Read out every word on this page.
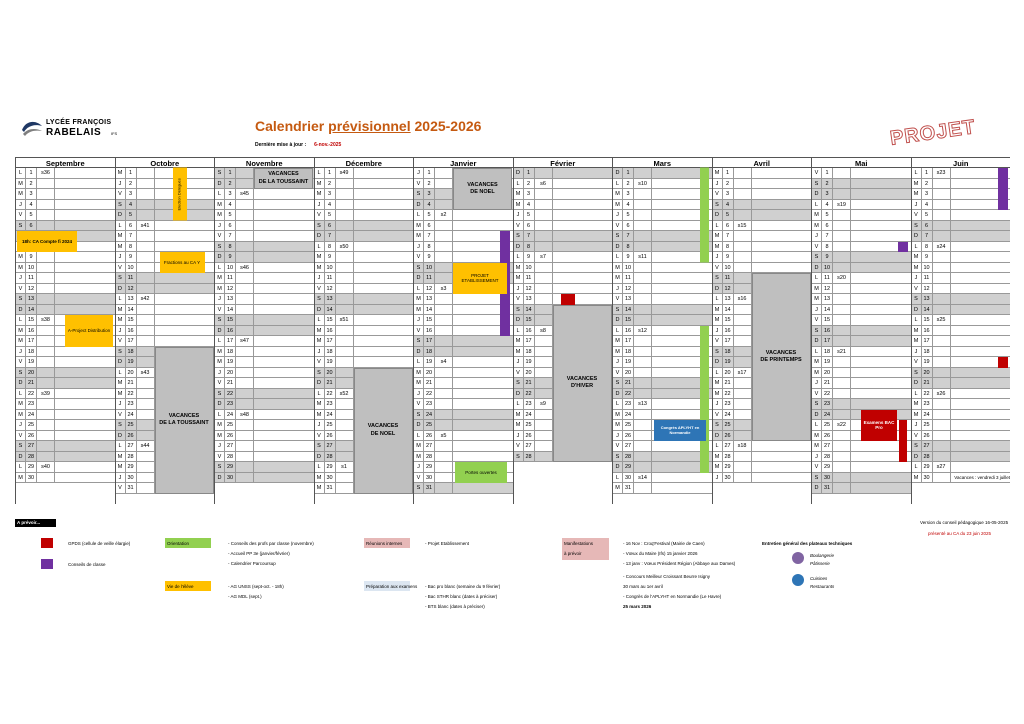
LYCÉE FRANÇOIS
RABELAIS IFS	Calendrier prévisionnel 2025-2026
Dernière mise à jour : 6-nov.-2025	PROJET
Septembre
L	1	s36
M	2
M	3
J	4
V	5
S	6
M	9
M 10
J	11
V	12
S	13
D 14
L	15	s38
M 16
M 17
J	18
V	19
S	20
D 21
L	22	s39
M 23
M 24
J	25
V	26
S	27
D 28
L	29	s40
M 30
Octobre
M	1
J	2
V	3
S	4
D	5
L	6	s41
M	7
M	8
J	9
V	10
S	11
D 12
L	13	s42
M 14
M 15
J	16
V	17
S	18
D 19
L	20	s43
M 21
M 22
J	23
V	24
S	25
D 26
L	27	s44
M 28
M 29
J	30
V	31
Novembre
S	1
D	2
L	3	s45
M	4
M	5
J	6
V	7
S	8
D	9
L	10	s46
M 11
M 12
J	13
V	14
S	15
D 16
L	17	s47
M 18
M 19
J	20
V	21
S	22
D 23
L	24	s48
M 25
M 26
J	27
V	28
S	29
D 30
Décembre
L	1	s49
M	2
M	3
J	4
V	5
S	6
D	7
L	8	s50
M	9
M 10
J	11
V	12
S	13
D 14
L	15	s51
M 16
M 17
J	18
V	19
S	20
D 21
L	22	s52
M 23
M 24
J	25
V	26
S	27
D 28
L	29	s1
M 30
M 31
Janvier
J	1
V	2
S	3
D	4
L	5	s2
M	6
M	7
J	8
V	9
S	10
D	11
L	12	s3
M 13
M 14
J	15
V	16
S	17
D 18
L	19	s4
M 20
M 21
J	22
V	23
S	24
D 25
L	26	s5
M 27
M 28
J	29
V	30
S	31
Février
D	1
L	2	s6
M	3
M	4
J	5
V	6
S	7
D	8
L	9	s7
M 10
M 11
J	12
V	13
S	14
D 15
L	16	s8
M 17
M 18
J	19
V	20
S	21
D 22
L	23	s9
M 24
M 25
J	26
V	27
S	28
Mars
D	1
L	2	s10
M	3
M	4
J	5
V	6
S	7
D	8
L	9	s11
M 10
M 11
J	12
V	13
S	14
D 15
L	16	s12
M 17
M 18
J	19
V	20
S	21
D 22
L	23	s13
M 24
M 25
J	26
V	27
S	28
D 29
L	30	s14
M 31
Avril
M	1
J	2
V	3
S	4
D	5
L	6	s15
M	7
M	8
J	9
V	10
S	11
D 12
L	13	s16
M 14
M 15
J	16
V	17
S	18
D 19
L	20	s17
M 21
M 22
J	23
V	24
S	25
D 26
L	27	s18
M 28
M 29
J	30
Mai
V	1
S	2
D	3
L	4	s19
M	5
M	6
J	7
V	8
S	9
D 10
L	11	s20
M 12
M 13
J	14
V	15
S	16
D 17
L	18	s21
M 19
M 20
J	21
V	22
S	23
D 24
L	25	s22
M 26
M 27
J	28
V	29
S	30
D 31
Juin
L	1	s23
M	2
M	3
J	4
V	5
S	6
D	7
L	8	s24
M	9
M 10
J	11
V	12
S	13
D 14
L	15	s25
M 16
M 17
J	18
V	19
S	20
D 21
L	22	s26
M 23
M 24
J	25
V	26
S	27
D 28
L	29	s27
M 30
VACANCES
DE LA TOUSSAINT
VACANCES
DE LA TOUSSAINT
VACANCES
DE NOEL
VACANCES
DE NOEL
VACANCES
D'HIVER
VACANCES
DE PRINTEMPS
Election Délégués
18h: CA Compte fi 2024
Fractions au CA Y
PROJET ETABLISSEMENT
A-Project Distribution
Congrès APLYHT en Normandie
Examens BAC Pro
Portes ouvertes
Vacances : vendredi 3 juillet
A prévoir...
GPDS (cellule de veille élargie)
Conseils de classe
Orientation	- Conseils des profs par classe (novembre)
- Accueil PP 3e (janvier/février)
- Calendrier Parcoursup
Vie de l'élève	- AG UNSS (sept-oct. - 18h)
- AG MDL (sept.)
Réunions internes	- Projet Etablissement
Préparation aux examens - Bac pro blanc (semaine du 9 février)
- Bac STHR blanc (dates à préciser)
- BTS blanc (dates à préciser)
Manifestations
à prévoir
- 16 Nov : Croq'Festival (Mairie de Caen)
- Vœux du Maire (Ifs) 15 janvier 2026
- 13 janv : Vœux Président Région (Abbaye aux Dames)
- Concours Meilleur Croissant Beurre Isigny
30 mars au 1er avril
- Congrès de l'APLYHT en Normandie (Le Havre)
25 mars 2026
Entretien général des plateaux techniques
Boulangerie
Pâtisserie
Cuisines
Restaurants
Version du conseil pédagogique 16-05-2025
présenté au CA du 23 juin 2025
